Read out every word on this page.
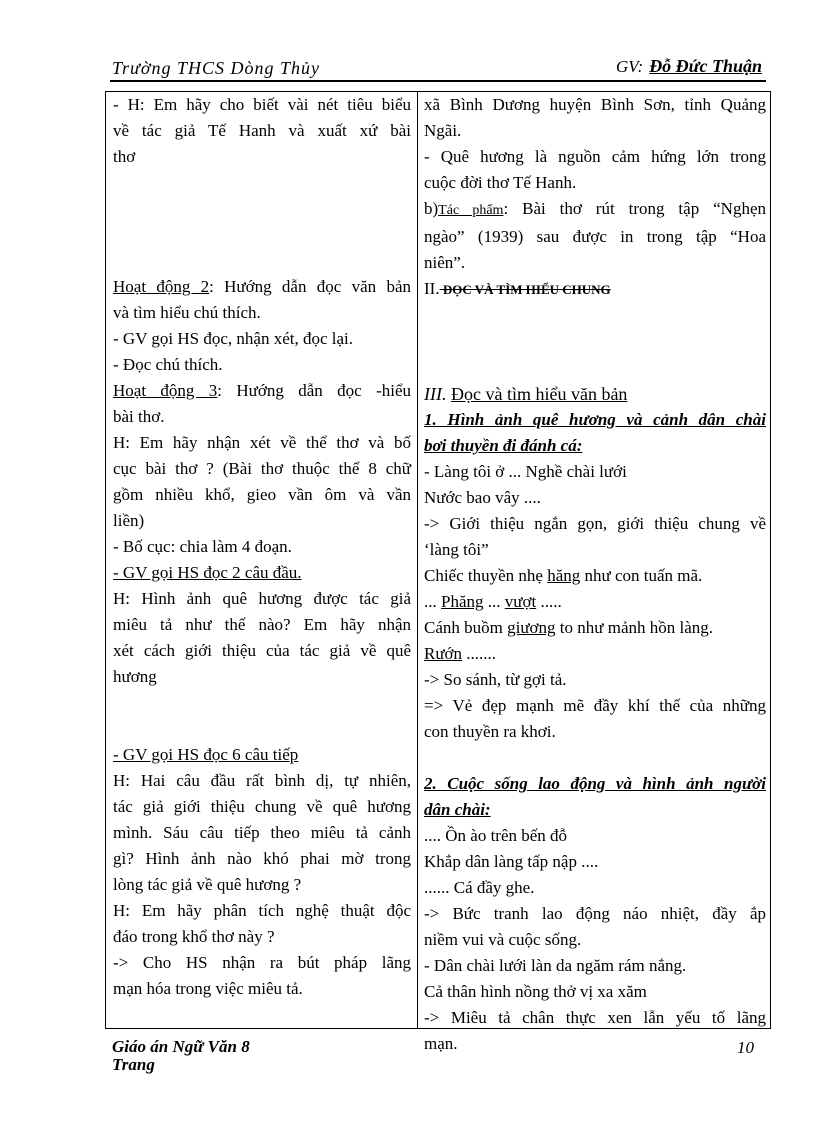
Trường THCS Dòng Thủy	GV: Đỗ Đức Thuận
- H: Em hãy cho biết vài nét tiêu biểu
về tác giả Tế Hanh và xuất xứ bài
thơ
Hoạt động 2: Hướng dẫn đọc văn bản
và tìm hiểu chú thích.
- GV gọi HS đọc, nhận xét, đọc lại.
- Đọc chú thích.
Hoạt động 3: Hướng dẫn đọc -hiểu
bài thơ.
H: Em hãy nhận xét về thể thơ và bố
cục bài thơ ? (Bài thơ thuộc thể 8 chữ
gồm nhiều khổ, gieo vần ôm và vần
liền)
- Bố cục: chia làm 4 đoạn.
- GV gọi HS đọc 2 câu đầu.
H: Hình ảnh quê hương được tác giả
miêu tả như thế nào? Em hãy nhận
xét cách giới thiệu của tác giả về quê
hương
- GV gọi HS đọc 6 câu tiếp
H: Hai câu đầu rất bình dị, tự nhiên,
tác giả giới thiệu chung về quê hương
mình. Sáu câu tiếp theo miêu tả cảnh
gì? Hình ảnh nào khó phai mờ trong
lòng tác giả về quê hương ?
H: Em hãy phân tích nghệ thuật độc
đáo trong khổ thơ này ?
-> Cho HS nhận ra bút pháp lãng
mạn hóa trong việc miêu tả.
xã Bình Dương huyện Bình Sơn, tỉnh Quảng
Ngãi.
- Quê hương là nguồn cảm hứng lớn trong
cuộc đời thơ Tế Hanh.
b)Tác phẩm: Bài thơ rút trong tập “Nghẹn
ngào” (1939) sau được in trong tập “Hoa
niên”.
II. ĐỌC VÀ TÌM HIỂU CHUNG
III. Đọc và tìm hiểu văn bản
1. Hình ảnh quê hương và cảnh dân chài
bơi thuyền đi đánh cá:
- Làng tôi ở ... Nghề chài lưới
Nước bao vây ....
-> Giới thiệu ngắn gọn, giới thiệu chung về
‘làng tôi”
Chiếc thuyền nhẹ hăng như con tuấn mã.
... Phăng ... vượt .....
Cánh buồm giương to như mảnh hồn làng.
Rướn .......
-> So sánh, từ gợi tả.
=> Vẻ đẹp mạnh mẽ đầy khí thế của những
con thuyền ra khơi.
2. Cuộc sống lao động và hình ảnh người
dân chài:
.... Ồn ào trên bến đỗ
Khắp dân làng tấp nập ....
...... Cá đầy ghe.
-> Bức tranh lao động náo nhiệt, đầy ắp
niềm vui và cuộc sống.
- Dân chài lưới làn da ngăm rám nắng.
Cả thân hình nồng thở vị xa xăm
-> Miêu tả chân thực xen lẫn yếu tố lãng
mạn.
Giáo án Ngữ Văn 8
Trang
10
